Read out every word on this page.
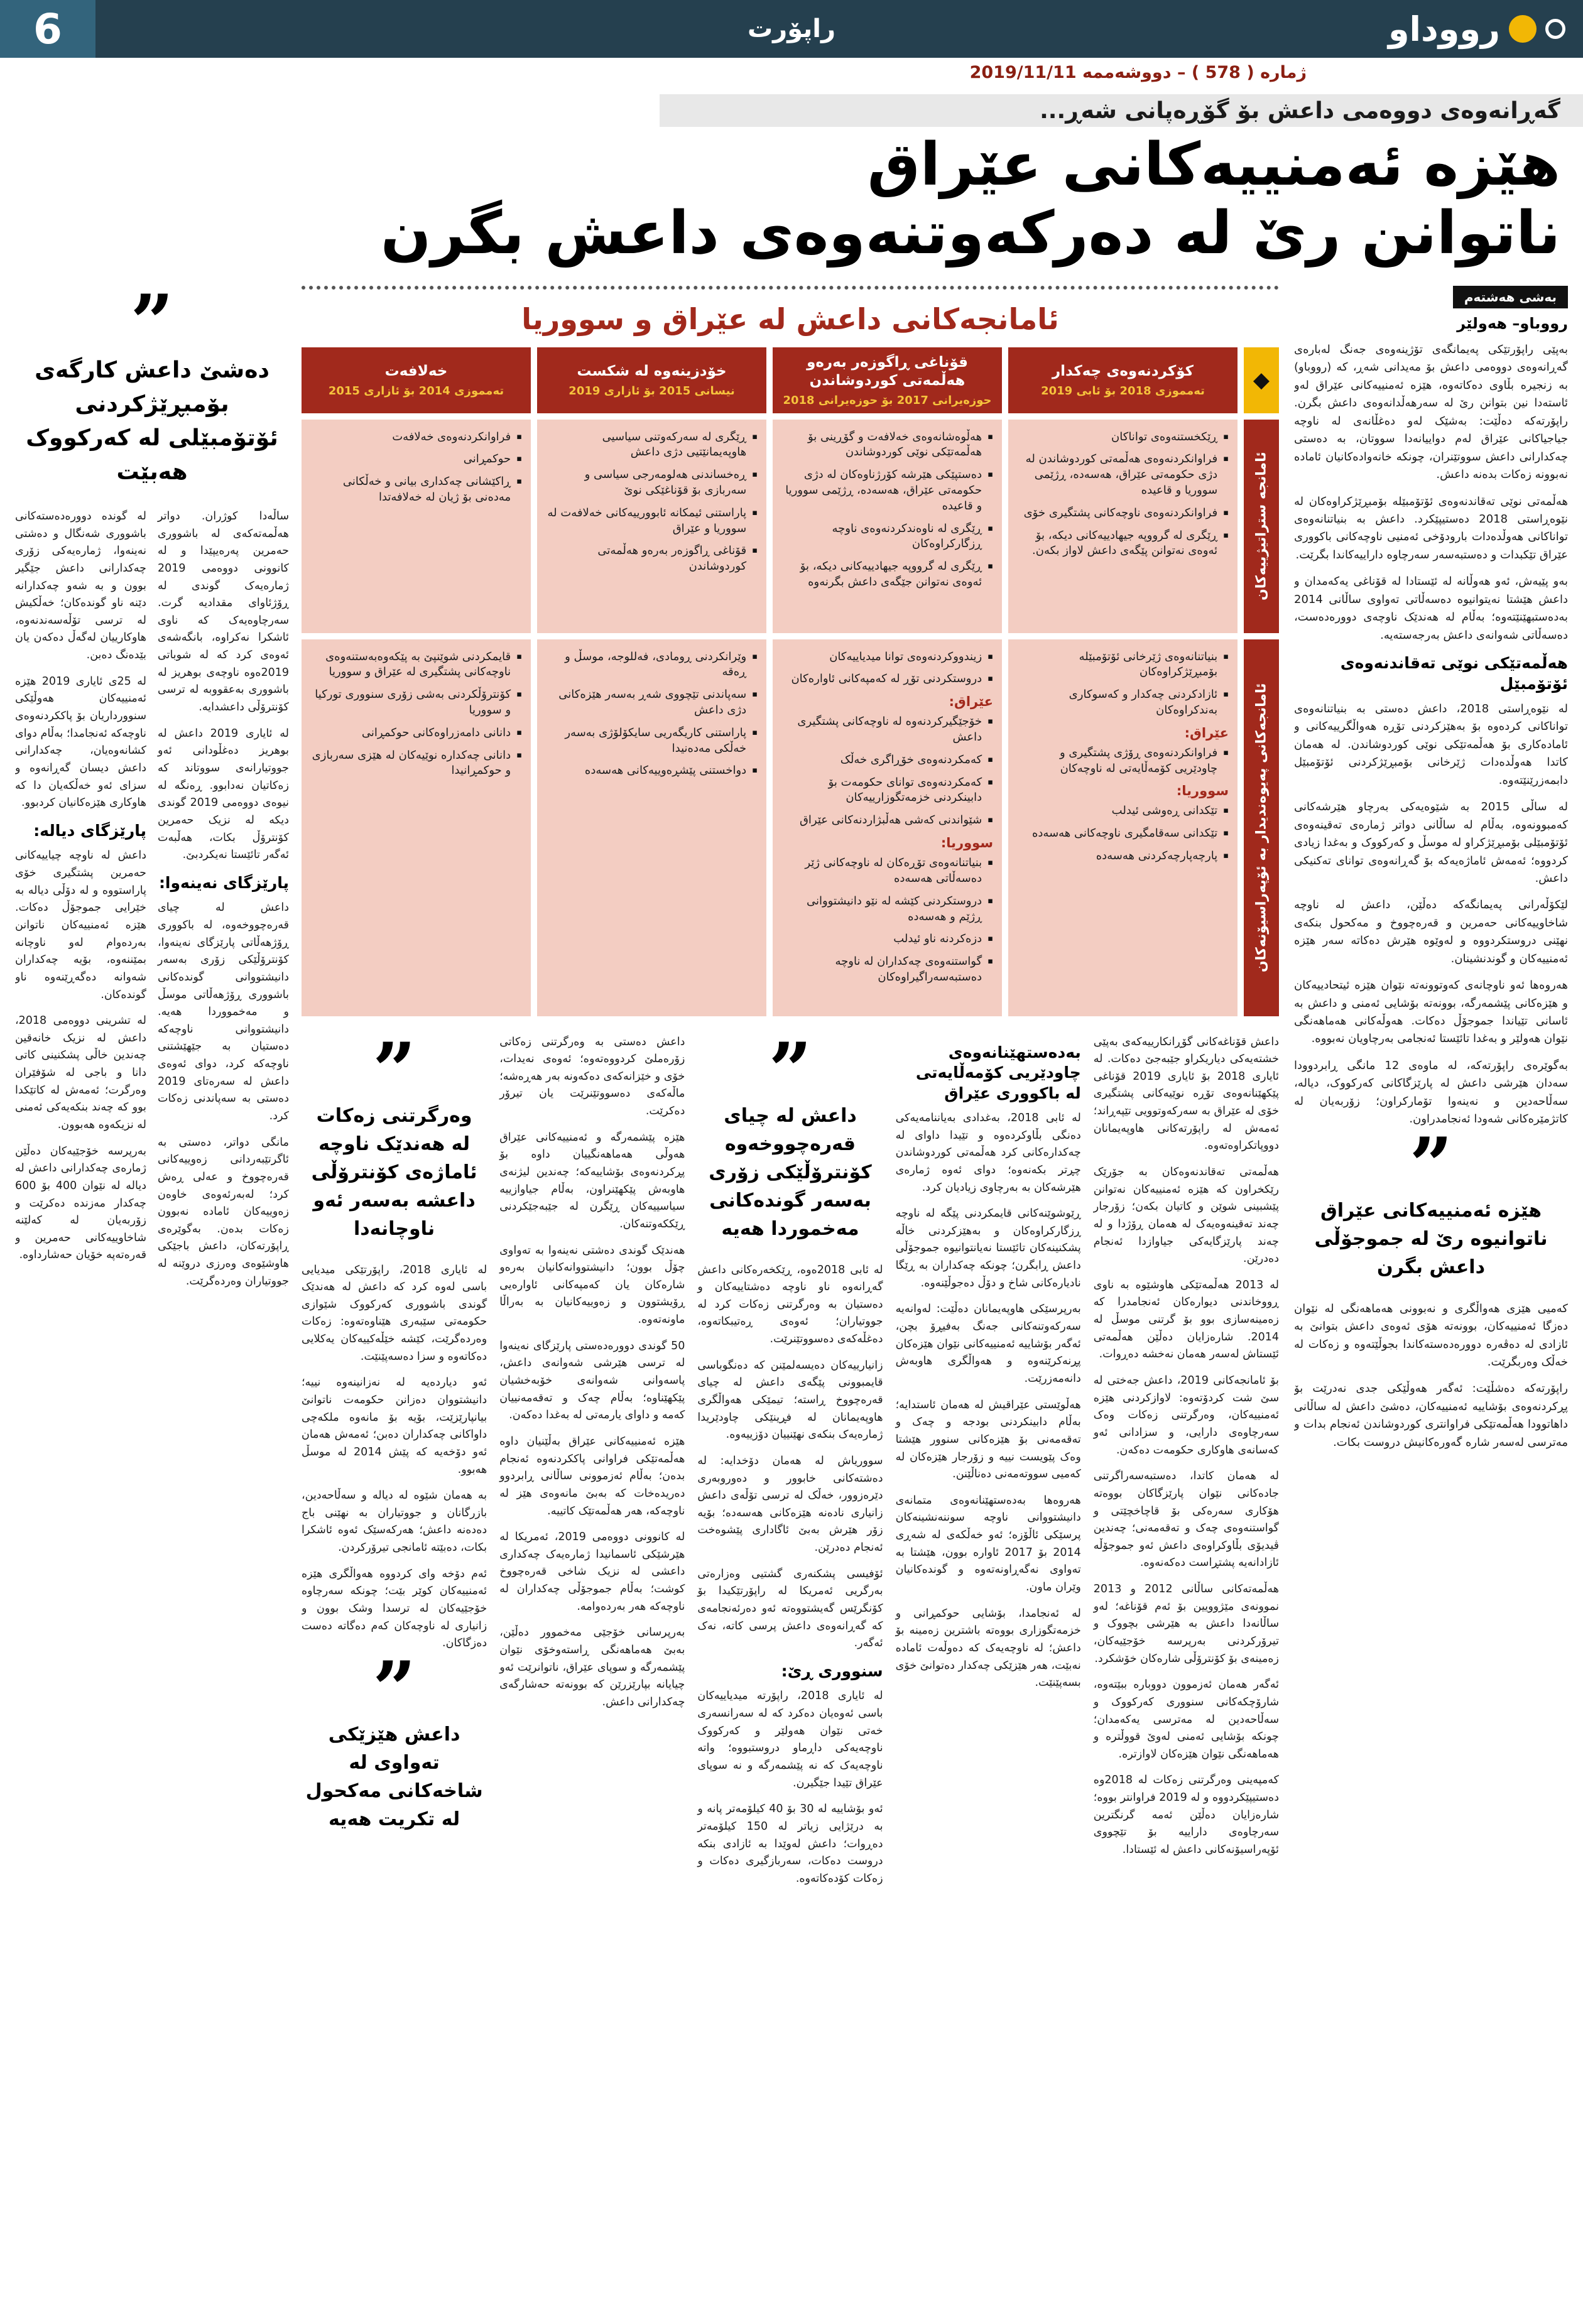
6	راپۆرت	رووداو
ژمارە ( 578 ) – دووشەممە 2019/11/11
گەڕانەوەی دووەمی داعش بۆ گۆڕەپانی شەڕ...
هێزە ئەمنییەکانی عێراق
ناتوانن رێ لە دەرکەوتنەوەی داعش بگرن
بەشی هەشتەم
رووباو– هەولێر

بەپێی راپۆرتێکی پەیمانگەی تۆژینەوەی جەنگ لەبارەی گەڕانەوەی دووەمی داعش بۆ مەیدانی شەڕ، کە (رووباو) بە زنجیرە بڵاوی دەکاتەوە، هێزە ئەمنییەکانی عێراق لەو ئاستەدا نین بتوانن رێ لە سەرهەڵدانەوەی داعش بگرن. راپۆرتەکە دەڵێت: بەشێک لەو دەغڵانەی لە ناوچە جیاجیاکانی عێراق لەم دواییانەدا سووتان، بە دەستی چەکدارانی داعش سووتێنران، چونکە خانەوادەکانیان ئامادە نەبوونە زەکات بدەنە داعش.

هەڵمەتی نوێی تەقاندنەوەی ئۆتۆمبێلە بۆمبڕێژکراوەکان لە نێوەڕاستی 2018 دەستیپێکرد. داعش بە بنیاتنانەوەی تواناکانی هەوڵدەدات بارودۆخی ئەمنیی ناوچەکانی باکووری عێراق تێکبدات و دەستبەسەر سەرچاوە داراییەکاندا بگرێت.

بەو پێیەش، ئەو هەوڵانە لە ئێستادا لە قۆناغی یەکەمدان و داعش هێشتا نەیتوانیوە دەسەڵاتی تەواوی ساڵانی 2014 بەدەستبهێنێتەوە؛ بەڵام لە هەندێک ناوچەی دوورەدەست، دەسەڵاتی شەوانەی داعش بەرجەستەیە.

هەڵمەتێکی نوێی تەقاندنەوەی ئۆتۆمبێل

لە نێوەڕاستی 2018، داعش دەستی بە بنیاتنانەوەی تواناکانی کردەوە بۆ بەهێزکردنی تۆڕە هەواڵگرییەکانی و ئامادەکاری بۆ هەڵمەتێکی نوێی کوردوشاندن. لە هەمان کاتدا هەوڵدەدات ژێرخانی بۆمبڕێژکردنی ئۆتۆمبێل دابمەزرێنێتەوە.

لە ساڵی 2015 بە شێوەیەکی بەرچاو هێرشەکانی کەمبوونەوە، بەڵام لە ساڵانی دواتر ژمارەی تەقینەوەی ئۆتۆمبێلی بۆمبڕێژکراو لە موسڵ و کەرکووک و بەغدا زیادی کردووە؛ ئەمەش ئاماژەیەکە بۆ گەڕانەوەی توانای تەکنیکی داعش.

لێکۆڵەرانی پەیمانگەکە دەڵێن، داعش لە ناوچە شاخاوییەکانی حەمرین و قەرەچووخ و مەکحول بنکەی نهێنی دروستکردووە و لەوێوە هێرش دەکاتە سەر هێزە ئەمنییەکان و گوندنشینان.

هەروەها ئەو ناوچانەی کەوتوونەتە نێوان هێزە ئیتحادییەکان و هێزەکانی پێشمەرگە، بوونەتە بۆشایی ئەمنی و داعش بە ئاسانی تێیاندا جموجۆڵ دەکات. هەوڵەکانی هەماهەنگی نێوان هەولێر و بەغدا تائێستا ئەنجامی بەرچاویان نەبووە.

بەگوێرەی راپۆرتەکە، لە ماوەی 12 مانگی ڕابردوودا سەدان هێرشی داعش لە پارێزگاکانی کەرکووک، دیالە، سەڵاحەدین و نەینەوا تۆمارکراون؛ زۆربەیان لە کاتژمێرەکانی شەودا ئەنجامدراون.

”
هێزە ئەمنییەکانی عێراق ناتوانیوە رێ لە جموجۆڵی داعش بگرن

کەمیی هێزی هەواڵگری و نەبوونی هەماهەنگی لە نێوان دەزگا ئەمنییەکان، بوونەتە هۆی ئەوەی داعش بتوانێ بە ئازادی لە دەڤەرە دوورەدەستەکاندا بجوڵێتەوە و زەکات لە خەڵک وەربگرێت.

راپۆرتەکە دەشڵێت: ئەگەر هەوڵێکی جدی نەدرێت بۆ پڕکردنەوەی بۆشاییە ئەمنییەکان، دەشێ داعش لە ساڵانی داهاتوودا هەڵمەتێکی فراوانتری کوردوشاندن ئەنجام بدات و مەترسی لەسەر شارە گەورەکانیش دروست بکات.

ئامانجەکانی داعش لە عێراق و سووریا
◆
کۆکردنەوەی چەکدار
تەمموزی 2018 بۆ ئابی 2019
قۆناغی ڕاگوزەر بەرەو هەڵمەتی کوردوشاندن
حوزەیرانی 2017 بۆ حوزەیرانی 2018
خۆدزینەوە لە شکست
نیسانی 2015 بۆ ئازاری 2019
خەلافەت
تەمموزی 2014 بۆ ئازاری 2015
ئامانجە ستراتیژییەکان
▪
ڕێکخستنەوەی تواناکان
▪
فراوانکردنەوەی هەڵمەتی کوردوشاندن لە دژی حکومەتی عێراق، هەسەدە، ڕژێمی سووریا و قاعیدە
▪
فراوانکردنەوەی ناوچەکانی پشتگیری خۆی
▪
ڕێگری لە گرووپە جیهادییەکانی دیکە، بۆ ئەوەی نەتوانن پێگەی داعش لاواز بکەن.
▪
هەڵوەشانەوەی خەلافەت و گۆڕینی بۆ هەڵمەتێکی نوێی کوردوشاندن
▪
دەستپێکی هێرشە کۆرژناوەکان لە دژی حکومەتی عێراق، هەسەدە، ڕژێمی سووریا و قاعیدە
▪
ڕێگری لە ناوەندکردنەوەی ناوچە ڕزگارکراوەکان
▪
ڕێگری لە گرووپە جیهادییەکانی دیکە، بۆ ئەوەی نەتوانن جێگەی داعش بگرنەوە
▪
ڕێگری لە سەرکەوتنی سیاسیی هاوپەیمانێتیی دژی داعش
▪
ڕەخساندنی هەلومەرجی سیاسی و سەربازی بۆ قۆناغێکی نوێ
▪
پاراستنی ئیمکانە ئابوورییەکانی خەلافەت لە سووریا و عێراق
▪
قۆناغی ڕاگوزەر بەرەو هەڵمەتی کوردوشاندن
▪
فراوانکردنەوەی خەلافەت
▪
حوکمڕانی
▪
ڕاکێشانی چەکداری بیانی و خەڵکانی مەدەنی بۆ ژیان لە خەلافەتدا
ئامانجەکانی پەیوەندیدار بە ئۆپەراسیۆنەکان
▪
بنیاتنانەوەی ژێرخانی ئۆتۆمبێلە بۆمبڕێژکراوەکان
▪
ئازادکردنی چەکدار و کەسوکاری بەندکراوەکان
عێراق:
▪
فراوانکردنەوەی ڕۆژی پشتگیری و چاودێریی کۆمەڵایەتی لە ناوچەکان
سووریا:
▪
تێکدانی ڕەوشی ئیدلب
▪
تێکدانی سەقامگیری ناوچەکانی هەسەدە
▪
پارچەپارچەکردنی هەسەدە
▪
زیندووکردنەوەی توانا میدیاییەکان
▪
دروستکردنی تۆڕ لە کەمپەکانی ئاوارەکان
عێراق:
▪
خۆجێگیرکردنەوە لە ناوچەکانی پشتگیری داعش
▪
کەمکردنەوەی خۆڕاگری خەڵک
▪
کەمکردنەوەی توانای حکومەت بۆ دابینکردنی خزمەتگوزارییەکان
▪
شێواندنی کەشی هەڵبژاردنەکانی عێراق
سووریا:
▪
بنیاتنانەوەی تۆڕەکان لە ناوچەکانی ژێر دەسەڵاتی هەسەدە
▪
دروستکردنی کێشە لە نێو دانیشتووانی ڕژێم و هەسەدە
▪
دزەکردنە ناو ئیدلب
▪
گواستنەوەی چەکداران لە ناوچە دەستبەسەراگیراوەکان
▪
وێرانکردنی ڕومادی، فەللوجە، موسڵ و ڕەقە
▪
سەپاندنی تێچووی شەڕ بەسەر هێزەکانی دژی داعش
▪
پاراستنی کاریگەریی سایکۆلۆژی بەسەر خەڵکی مەدەنیدا
▪
دواخستنی پێشڕەوییەکانی هەسەدە
▪
قایمکردنی شوێنپێ بە پێکەوەبەستنەوەی ناوچەکانی پشتگیری لە عێراق و سووریا
▪
کۆنترۆڵکردنی بەشی زۆری سنووری تورکیا و سووریا
▪
دانانی دامەزراوەکانی حوکمڕانی
▪
دانانی چەکدارە نوێیەکان لە هێزی سەربازی و حوکمڕانیدا

داعش قۆناغەکانی گۆڕانکارییەکەی بەپێی خشتەیەکی دیاریکراو جێبەجێ دەکات. لە ئایاری 2018 بۆ ئایاری 2019 قۆناغی پێکهێنانەوەی تۆڕە نوێیەکانی پشتگیری خۆی لە عێراق بە سەرکەوتوویی تێپەڕاند؛ ئەمەش لە راپۆرتەکانی هاوپەیمانان دووپاتکراوەتەوە.

هەڵمەتی تەقاندنەوەکان بە جۆرێک رێکخراون کە هێزە ئەمنییەکان نەتوانن پێشبینی شوێن و کاتیان بکەن؛ زۆرجار چەند تەقینەوەیەک لە هەمان ڕۆژدا و لە چەند پارێزگایەکی جیاوازدا ئەنجام دەدرێن.

لە 2013 هەڵمەتێکی هاوشێوە بە ناوی ڕووخاندنی دیوارەکان ئەنجامدرا کە زەمینەسازی بوو بۆ گرتنی موسڵ لە 2014. شارەزایان دەڵێن هەڵمەتی ئێستاش لەسەر هەمان نەخشە دەڕوات.

بۆ ئامانجەکانی 2019، داعش جەختی لە سێ شت کردۆتەوە: لاوازکردنی هێزە ئەمنییەکان، وەرگرتنی زەکات وەک سەرچاوەی دارایی، و سزادانی ئەو کەسانەی هاوکاری حکومەت دەکەن.

لە هەمان کاتدا، دەستبەسەراگرتنی جادەکانی نێوان پارێزگاکان بووەتە هۆکاری سەرەکی بۆ قاچاخچێتی و گواستنەوەی چەک و تەقەمەنی؛ چەندین ڤیدیۆی بڵاوکراوەی داعش ئەو جموجۆڵە ئازادانەیە پشتڕاست دەکەنەوە.

هەڵمەتەکانی ساڵانی 2012 و 2013 نموونەی مێژوویین بۆ ئەم قۆناغە؛ لەو ساڵانەدا داعش بە هێرشی بچووک و تیرۆرکردنی بەرپرسە خۆجێیەکان، زەمینەی بۆ کۆنترۆڵی شارەکان خۆشکرد.

ئەگەر هەمان ئەزموون دووبارە ببێتەوە، شارۆچکەکانی سنووری کەرکووک و سەڵاحەدین لە مەترسی یەکەمدان؛ چونکە بۆشایی ئەمنی لەوێ قووڵترە و هەماهەنگی نێوان هێزەکان لاوازترە.

کەمپەینی وەرگرتنی زەکات لە 2018وە دەستیپێکردووە و لە 2019 فراوانتر بووە؛ شارەزایان دەڵێن ئەمە گرنگترین سەرچاوەی داراییە بۆ تێچووی ئۆپەراسیۆنەکانی داعش لە ئێستادا.

بەدەستهێنانەوەی چاودێریی کۆمەڵایەتی لە باکووری عێراق

لە ئابی 2018، بەغدادی بەیاننامەیەکی دەنگی بڵاوکردەوە و تێیدا داوای لە چەکدارەکانی کرد هەڵمەتی کوردوشاندن چڕتر بکەنەوە؛ دوای ئەوە ژمارەی هێرشەکان بە بەرچاوی زیادیان کرد.

ڕێوشوێنەکانی قایمکردنی پێگە لە ناوچە ڕزگارکراوەکان و بەهێزکردنی خاڵە پشکنینەکان تائێستا نەیانتوانیوە جموجۆڵی داعش ڕابگرن؛ چونکە چەکداران بە ڕێگا نادیارەکانی شاخ و دۆڵ دەجوڵێنەوە.

بەرپرسێکی هاوپەیمانان دەڵێت: لەوانەیە سەرکەوتنەکانی جەنگ بەفیڕۆ بچن، ئەگەر بۆشاییە ئەمنییەکانی نێوان هێزەکان پڕنەکرێنەوە و هەواڵگری هاوبەش دانەمەزرێت.

هەڵوێستی عێراقیش لە هەمان ئاستدایە؛ بەڵام دابینکردنی بودجە و چەک و تەقەمەنی بۆ هێزەکانی سنوور هێشتا وەک پێویست نییە و زۆرجار هێزەکان لە کەمیی سووتەمەنی دەناڵێنن.

هەروەها بەدەستهێنانەوەی متمانەی دانیشتووانی ناوچە سوننەنشینەکان پرسێکی ئاڵۆزە؛ ئەو خەڵکەی لە شەڕی 2014 بۆ 2017 ئاوارە بوون، هێشتا بە تەواوی نەگەڕاونەتەوە و گوندەکانیان وێران ماون.

لە ئەنجامدا، بۆشایی حوکمڕانی و خزمەتگوزاری بووەتە باشترین زەمینە بۆ داعش؛ لە ناوچەیەک کە دەوڵەت ئامادە نەبێت، هەر هێزێکی چەکدار دەتوانێ خۆی بسەپێنێت.

”
داعش لە چیای قەرەچووخەوە کۆنترۆڵێکی زۆری بەسەر گوندەکانی مەخموردا هەیە

لە ئابی 2018ەوە، ڕێکخەرەکانی داعش گەڕانەوە ناو ناوچە دەشتاییەکان و دەستیان بە وەرگرتنی زەکات کرد لە جووتیاران؛ ئەوەی ڕەتیبکاتەوە، دەغڵەکەی دەسووتێنرێت.

زانیارییەکان دەیسەلمێنن کە دەنگوباسی قایمبوونی پێگەی داعش لە چیای قەرەچووخ ڕاستە؛ تیمێکی هەواڵگری هاوپەیمانان لە فڕینێکی چاودێریدا ژمارەیەک بنکەی نهێنییان دۆزییەوە.

سووریاش لە هەمان دۆخدایە: لە دەشتەکانی خابوور و دەوروبەری دێرەزوور، خەڵک لە ترسی تۆڵەی داعش زانیاری نادەنە هێزەکانی هەسەدە؛ بۆیە زۆر هێرش بەبێ ئاگاداری پێشوەخت ئەنجام دەدرێن.

ئۆفیسی پشکنەری گشتیی وەزارەتی بەرگریی ئەمریکا لە راپۆرتێکیدا بۆ کۆنگرێس گەیشتووەتە ئەو دەرئەنجامەی کە گەڕانەوەی داعش پرسی کاتە، نەک ئەگەر.

سنووری ڕێ:

لە ئایاری 2018، راپۆرتە میدیاییەکان باسی ئەوەیان دەکرد کە لە سەرانسەری خەتی نێوان هەولێر و کەرکووک ناوچەیەکی داڕماو دروستبووە؛ واتە ناوچەیەک کە نە پێشمەرگە و نە سوپای عێراق تێیدا جێگیرن.

ئەو بۆشاییە لە 30 بۆ 40 کیلۆمەتر پانە و بە درێژایی زیاتر لە 150 کیلۆمەتر دەڕوات؛ داعش لەوێدا بە ئازادی بنکە دروست دەکات، سەربازگیری دەکات و زەکات کۆدەکاتەوە.

داعش دەستی بە وەرگرتنی زەکاتی زۆرەملێ کردووەتەوە؛ ئەوەی نەیدات، خۆی و خێزانەکەی دەکەونە بەر هەڕەشە؛ ماڵەکەی دەسووتێنرێت یان تیرۆر دەکرێت.

هێزە پێشمەرگە و ئەمنییەکانی عێراق هەوڵی هەماهەنگییان داوە بۆ پڕکردنەوەی بۆشاییەکە؛ چەندین لیژنەی هاوبەش پێکهێنراون، بەڵام جیاوازییە سیاسییەکان ڕێگرن لە جێبەجێکردنی ڕێککەوتنەکان.

هەندێک گوندی دەشتی نەینەوا بە تەواوی چۆڵ بوون؛ دانیشتووانەکانیان بەرەو شارەکان یان کەمپەکانی ئاوارەیی ڕۆیشتوون و زەوییەکانیان بە بەراڵا ماونەتەوە.

50 گوندی دوورەدەستی پارێزگای نەینەوا لە ترسی هێرشی شەوانەی داعش، پاسەوانی شەوانەی خۆبەخشیان پێکهێناوە؛ بەڵام چەک و تەقەمەنییان کەمە و داوای یارمەتی لە بەغدا دەکەن.

هێزە ئەمنییەکانی عێراق بەڵێنیان داوە هەڵمەتێکی فراوانی پاککردنەوە ئەنجام بدەن؛ بەڵام ئەزموونی ساڵانی ڕابردوو دەریدەخات کە بەبێ مانەوەی هێز لە ناوچەکە، هەر هەڵمەتێک کاتییە.

لە کانوونی دووەمی 2019، ئەمریکا لە هێرشێکی ئاسمانیدا ژمارەیەک چەکداری داعشی لە نزیک شاخی قەرەچووخ کوشت؛ بەڵام جموجۆڵی چەکداران لە ناوچەکە هەر بەردەوامە.

بەرپرسانی خۆجێی مەخموور دەڵێن، بەبێ هەماهەنگی ڕاستەوخۆی نێوان پێشمەرگە و سوپای عێراق، ناتوانرێت ئەو چیایانە بپارێزرێن کە بوونەتە حەشارگەی چەکدارانی داعش.

”
وەرگرتنی زەکات لە هەندێک ناوچە ئاماژەی کۆنترۆڵی داعشە بەسەر ئەو ناوچانەدا

لە ئایاری 2018، راپۆرتێکی میدیایی باسی لەوە کرد کە داعش لە هەندێک گوندی باشووری کەرکووک شێوازی حکومەتی سێبەری هێناوەتەوە: زەکات وەردەگرێت، کێشە خێڵەکییەکان یەکلایی دەکاتەوە و سزا دەسەپێنێت.

ئەو دیاردەیە لە نەزانینەوە نییە؛ دانیشتووان دەزانن حکومەت ناتوانێ بیانپارێزێت، بۆیە بۆ مانەوە ملکەچی داواکانی چەکداران دەبن؛ ئەمەش هەمان ئەو دۆخەیە کە پێش 2014 لە موسڵ هەبوو.

بە هەمان شێوە لە دیالە و سەڵاحەدین، بازرگانان و جووتیاران بە نهێنی باج دەدەنە داعش؛ هەرکەسێک ئەوە ئاشکرا بکات، دەبێتە ئامانجی تیرۆرکردن.

ئەم دۆخە وای کردووە هەواڵگری هێزە ئەمنییەکان کوێر بێت؛ چونکە سەرچاوە خۆجێیەکان لە ترسدا وشک بوون و زانیاری لە ناوچەکان کەم دەگاتە دەست دەزگاکان.

”
داعش هێزێکی تەواوی لە شاخەکانی مەکحول لە تکریت هەیە
”
دەشێ داعش کارگەی بۆمبڕێژکردنی ئۆتۆمبێلی لە کەرکووک هەبێت

ساڵەدا کوژران. دواتر هەڵمەتەکەی لە باشووری حەمرین پەرەیپێدا و لە کانوونی دووەمی 2019 ژمارەیەک گوندی لە ڕۆژئاوای مقدادیە گرت. سەرچاوەیەک کە ناوی ئاشکرا نەکراوە، بانگەشەی ئەوەی کرد کە لە شوباتی 2019ەوە ناوچەی بوهریز لە باشووری بەعقووبە لە ترسی کۆنترۆڵی داعشدایە.

لە ئایاری 2019 داعش لە بوهریز دەغڵودانی ئەو جووتیارانەی سووتاند کە زەکاتیان نەدابوو. ڕەنگە لە نیوەی دووەمی 2019 گوندی دیکە لە نزیک حەمرین کۆنترۆڵ بکات، هەڵبەت ئەگەر تائێستا نەیکردبێ.

پارێزگای نەینەوا:

داعش لە چیای قەرەچووخەوە، لە باکووری ڕۆژهەڵاتی پارێزگای نەینەوا، کۆنترۆڵێکی زۆری بەسەر دانیشتووانی گوندەکانی باشووری ڕۆژهەڵاتی موسڵ و مەخمووردا هەیە. دانیشتووانی ناوچەکە دەستیان بە جێهێشتنی ناوچەکە کرد، دوای ئەوەی داعش لە سەرەتای 2019 دەستی بە سەپاندنی زەکات کرد.

مانگی دواتر، دەستی بە ئاگرتێبەردانی زەوییەکانی قەرەچووخ و عەلی ڕەش کرد؛ لەبەرئەوەی خاوەن زەوییەکان ئامادە نەبوون زەکات بدەن. بەگوێرەی ڕاپۆرتەکان، داعش باجێکی هاوشێوەی وەرزی دروێنە لە جووتیاران وەردەگرێت.

لە گوندە دوورەدەستەکانی باشووری شەنگال و دەشتی نەینەوا، ژمارەیەکی زۆری چەکدارانی داعش جێگیر بوون و بە شەو چەکدارانە دێنە ناو گوندەکان؛ خەڵکیش لە ترسی تۆڵەسەندنەوە، هاوکارییان لەگەڵ دەکەن یان بێدەنگ دەبن.

لە 25ی ئایاری 2019 هێزە ئەمنییەکان هەوڵێکی سنوورداریان بۆ پاککردنەوەی ناوچەکە ئەنجامدا؛ بەڵام دوای کشانەوەیان، چەکدارانی داعش دیسان گەڕانەوە و سزای ئەو خەڵکەیان دا کە هاوکاری هێزەکانیان کردبوو.

پارێزگای دیالە:

داعش لە ناوچە چیاییەکانی حەمرین پشتگیری خۆی پاراستووە و لە دۆڵی دیالە بە خێرایی جموجۆڵ دەکات. هێزە ئەمنییەکان ناتوانن بەردەوام لەو ناوچانە بمێننەوە، بۆیە چەکداران شەوانە دەگەڕێنەوە ناو گوندەکان.

لە تشرینی دووەمی 2018، داعش لە نزیک خانەقین چەندین خاڵی پشکنینی کاتی دانا و باجی لە شۆفێران وەرگرت؛ ئەمەش لە کاتێکدا بوو کە چەند بنکەیەکی ئەمنی لە نزیکەوە هەبوون.

بەرپرسە خۆجێیەکان دەڵێن ژمارەی چەکدارانی داعش لە دیالە لە نێوان 400 بۆ 600 چەکدار مەزندە دەکرێت و زۆربەیان لە کەلێنە شاخاوییەکانی حەمرین و قەرەتەپە خۆیان حەشارداوە.
